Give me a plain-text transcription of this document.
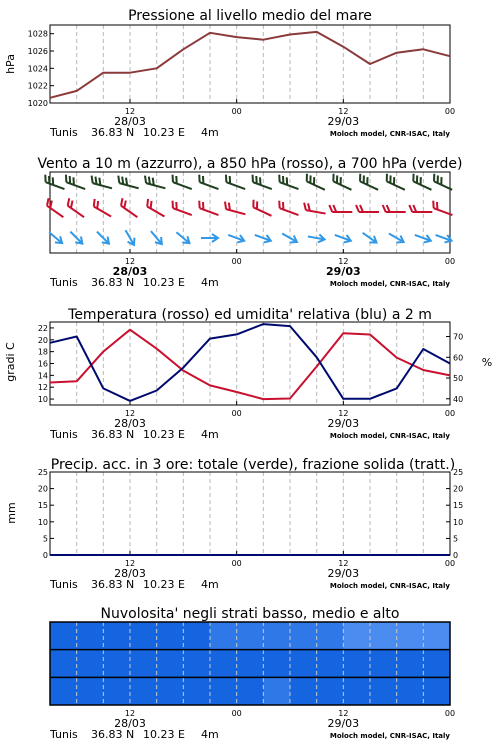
Pressione al livello medio del mare
hPa
1020
1022
1024
1026
1028
12	00	12	00
28/03	29/03
Tunis 36.83 N 10.23 E 4m	Moloch model, CNR-ISAC, Italy
Vento a 10 m (azzurro), a 850 hPa (rosso), a 700 hPa (verde)
12	00	12	00
28/03	29/03
Tunis 36.83 N 10.23 E 4m	Moloch model, CNR-ISAC, Italy
Temperatura (rosso) ed umidita' relativa (blu) a 2 m
gradi C	%
10
12
14
16
18
20
22
40
50
60
70
12	00	12	00
28/03	29/03
Tunis 36.83 N 10.23 E 4m	Moloch model, CNR-ISAC, Italy
Precip. acc. in 3 ore: totale (verde), frazione solida (tratt.)
mm
0
5
10
15
20
25
0
5
10
15
20
25
12	00	12	00
28/03	29/03
Tunis 36.83 N 10.23 E 4m	Moloch model, CNR-ISAC, Italy
Nuvolosita' negli strati basso, medio e alto
12	00	12	00
28/03	29/03
Tunis 36.83 N 10.23 E 4m	Moloch model, CNR-ISAC, Italy
